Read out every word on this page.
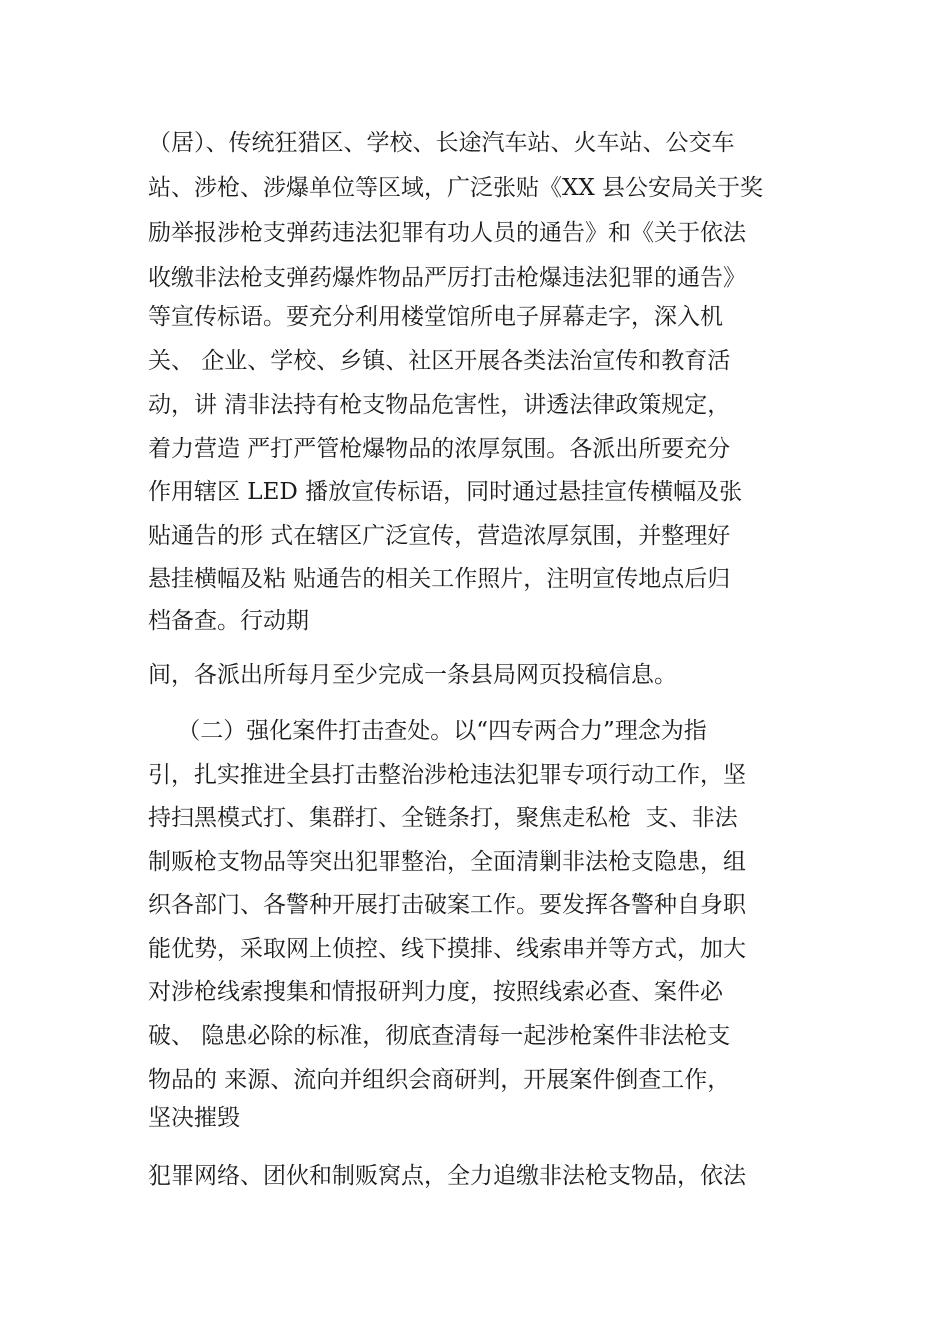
（居）、传统狂猎区、学校、长途汽车站、火车站、公交车
站、涉枪、涉爆单位等区域，广泛张贴《XX 县公安局关于奖
励举报涉枪支弹药违法犯罪有功人员的通告》和《关于依法
收缴非法枪支弹药爆炸物品严厉打击枪爆违法犯罪的通告》
等宣传标语。要充分利用楼堂馆所电子屏幕走字，深入机
关、 企业、学校、乡镇、社区开展各类法治宣传和教育活
动，讲 清非法持有枪支物品危害性，讲透法律政策规定，
着力营造 严打严管枪爆物品的浓厚氛围。各派出所要充分
作用辖区 LED 播放宣传标语，同时通过悬挂宣传横幅及张
贴通告的形 式在辖区广泛宣传，营造浓厚氛围，并整理好
悬挂横幅及粘 贴通告的相关工作照片，注明宣传地点后归
档备查。行动期
间，各派出所每月至少完成一条县局网页投稿信息。
（二）强化案件打击查处。以“四专两合力”理念为指
引，扎实推进全县打击整治涉枪违法犯罪专项行动工作，坚
持扫黑模式打、集群打、全链条打，聚焦走私枪  支、非法
制贩枪支物品等突出犯罪整治，全面清剿非法枪支隐患，组
织各部门、各警种开展打击破案工作。要发挥各警种自身职
能优势，采取网上侦控、线下摸排、线索串并等方式，加大
对涉枪线索搜集和情报研判力度，按照线索必查、案件必
破、 隐患必除的标准，彻底查清每一起涉枪案件非法枪支
物品的 来源、流向并组织会商研判，开展案件倒查工作，
坚决摧毁
犯罪网络、团伙和制贩窝点，全力追缴非法枪支物品，依法
